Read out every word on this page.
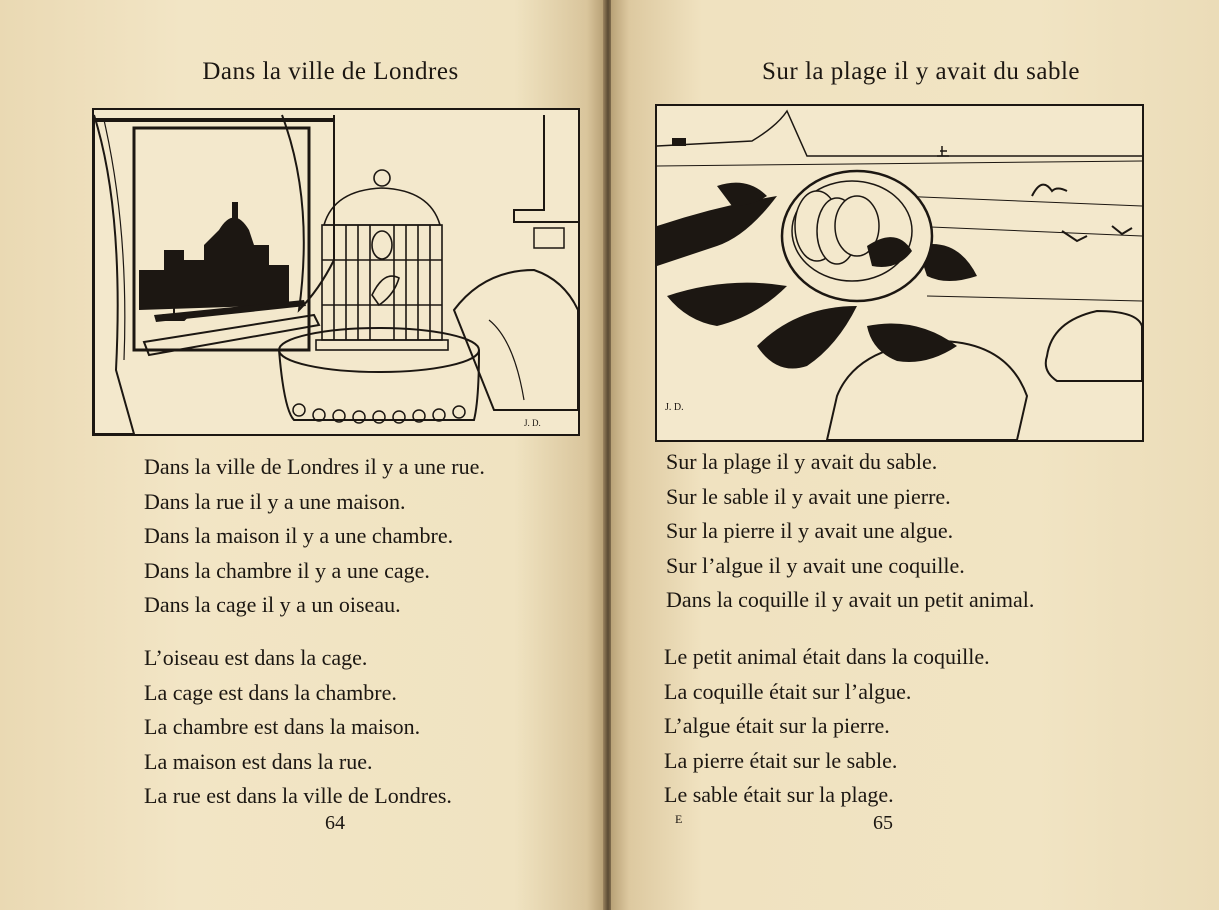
Dans la ville de Londres
J. D.
Dans la ville de Londres il y a une rue.
Dans la rue il y a une maison.
Dans la maison il y a une chambre.
Dans la chambre il y a une cage.
Dans la cage il y a un oiseau.
L’oiseau est dans la cage.
La cage est dans la chambre.
La chambre est dans la maison.
La maison est dans la rue.
La rue est dans la ville de Londres.
64
Sur la plage il y avait du sable
J. D.
Sur la plage il y avait du sable.
Sur le sable il y avait une pierre.
Sur la pierre il y avait une algue.
Sur l’algue il y avait une coquille.
Dans la coquille il y avait un petit animal.
Le petit animal était dans la coquille.
La coquille était sur l’algue.
L’algue était sur la pierre.
La pierre était sur le sable.
Le sable était sur la plage.
E	65
